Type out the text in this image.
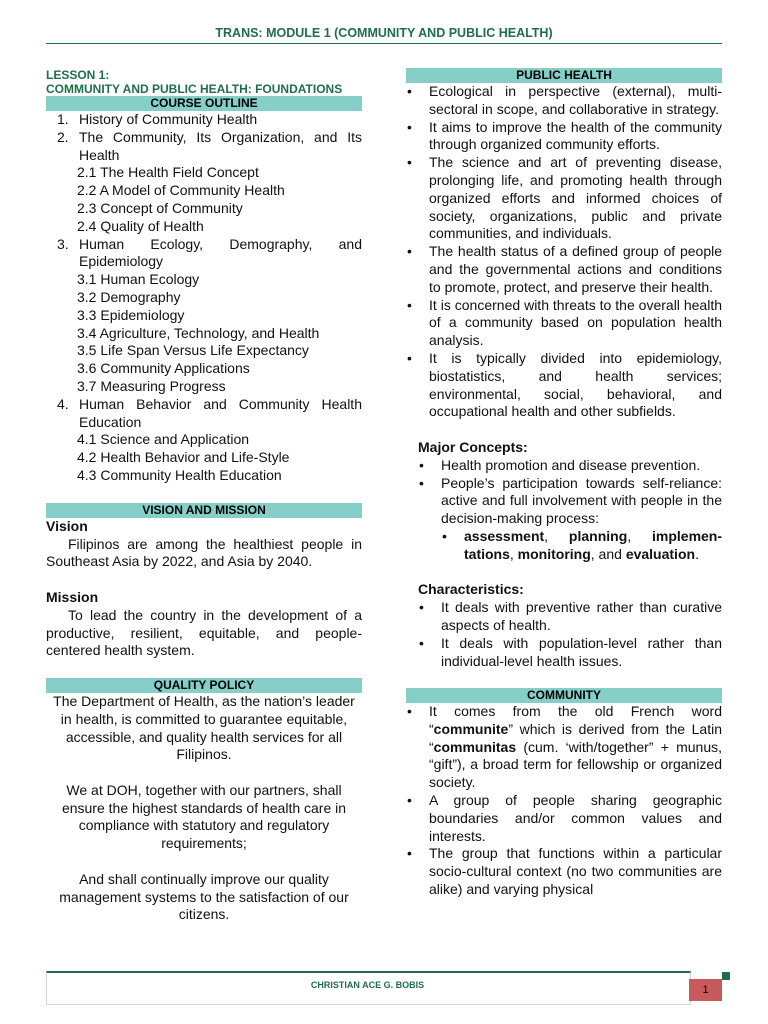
TRANS: MODULE 1 (COMMUNITY AND PUBLIC HEALTH)
LESSON 1:
COMMUNITY AND PUBLIC HEALTH: FOUNDATIONS
COURSE OUTLINE
1. History of Community Health
2. The Community, Its Organization, and Its Health
2.1 The Health Field Concept
2.2 A Model of Community Health
2.3 Concept of Community
2.4 Quality of Health
3. Human Ecology, Demography, and Epidemiology
3.1 Human Ecology
3.2 Demography
3.3 Epidemiology
3.4 Agriculture, Technology, and Health
3.5 Life Span Versus Life Expectancy
3.6 Community Applications
3.7 Measuring Progress
4. Human Behavior and Community Health Education
4.1 Science and Application
4.2 Health Behavior and Life-Style
4.3 Community Health Education
VISION AND MISSION
Vision

Filipinos are among the healthiest people in Southeast Asia by 2022, and Asia by 2040.

Mission

To lead the country in the development of a productive, resilient, equitable, and people-centered health system.

QUALITY POLICY

The Department of Health, as the nation’s leader in health, is committed to guarantee equitable, accessible, and quality health services for all Filipinos.

We at DOH, together with our partners, shall ensure the highest standards of health care in compliance with statutory and regulatory requirements;

And shall continually improve our quality management systems to the satisfaction of our citizens.

PUBLIC HEALTH
• Ecological in perspective (external), multi-sectoral in scope, and collaborative in strategy.
• It aims to improve the health of the community through organized community efforts.
• The science and art of preventing disease, prolonging life, and promoting health through organized efforts and informed choices of society, organizations, public and private communities, and individuals.
• The health status of a defined group of people and the governmental actions and conditions to promote, protect, and preserve their health.
• It is concerned with threats to the overall health of a community based on population health analysis.
• It is typically divided into epidemiology, biostatistics, and health services; environmental, social, behavioral, and occupational health and other subfields.
Major Concepts:
• Health promotion and disease prevention.
• People’s participation towards self-reliance: active and full involvement with people in the decision-making process:
• assessment, planning, implemen-tations, monitoring, and evaluation.
Characteristics:
• It deals with preventive rather than curative aspects of health.
• It deals with population-level rather than individual-level health issues.
COMMUNITY
• It comes from the old French word “communite” which is derived from the Latin “communitas (cum. ‘with/together” + munus, “gift”), a broad term for fellowship or organized society.
• A group of people sharing geographic boundaries and/or common values and interests.
• The group that functions within a particular socio-cultural context (no two communities are alike) and varying physical
CHRISTIAN ACE G. BOBIS	1
